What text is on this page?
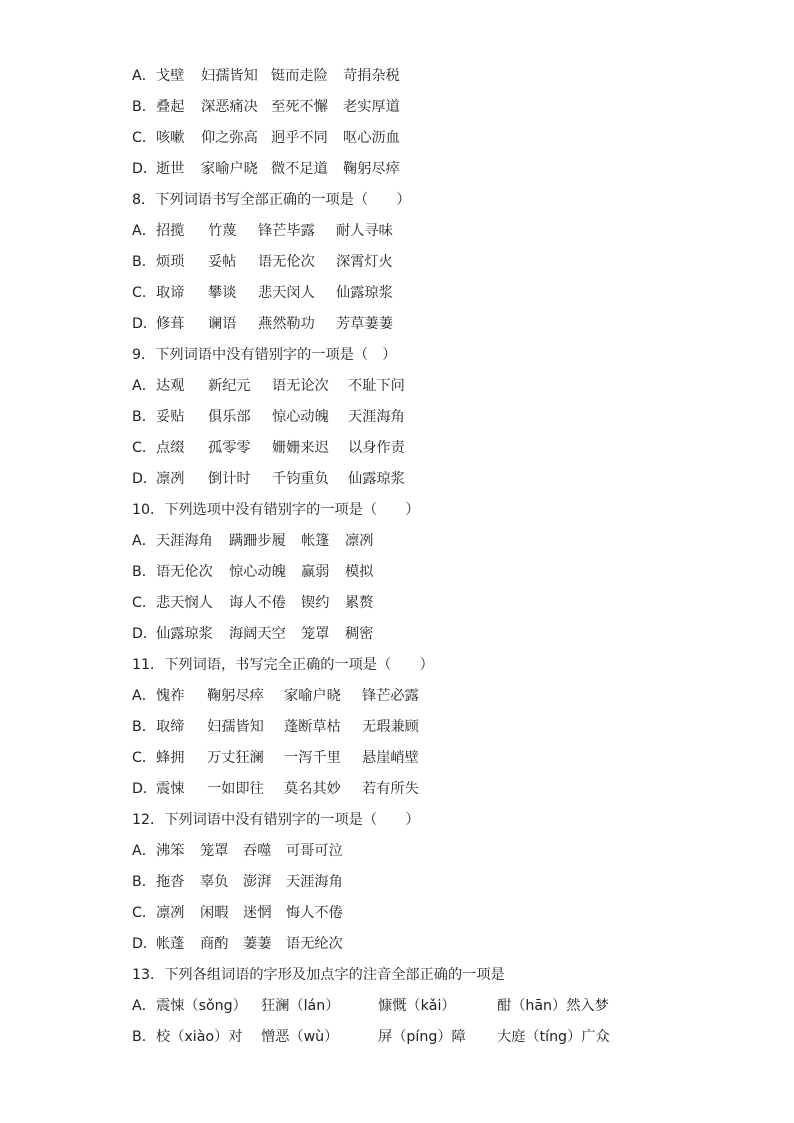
A．戈壁 妇孺皆知 铤而走险 苛捐杂税
B．叠起 深恶痛决 至死不懈 老实厚道
C．咳嗽 仰之弥高 迥乎不同 呕心沥血
D．逝世 家喻户晓 微不足道 鞠躬尽瘁
8．下列词语书写全部正确的一项是（　　）
A．招揽 竹蔑 锋芒毕露 耐人寻味
B．烦琐 妥帖 语无伦次 深霄灯火
C．取谛 攀谈 悲天闵人 仙露琼浆
D．修葺 谰语 燕然勒功 芳草萋萋
9．下列词语中没有错别字的一项是（　）
A．达观 新纪元 语无论次 不耻下问
B．妥贴 俱乐部 惊心动魄 天涯海角
C．点缀 孤零零 姗姗来迟 以身作责
D．凛冽 倒计时 千钧重负 仙露琼浆
10．下列选项中没有错别字的一项是（　　）
A．天涯海角 蹒跚步履 帐篷 凛冽
B．语无伦次 惊心动魄 赢弱 模拟
C．悲天悯人 诲人不倦 锲约 累赘
D．仙露琼浆 海阔天空 笼罩 稠密
11．下列词语，书写完全正确的一项是（　　）
A．愧祚 鞠躬尽瘁 家喻户晓 锋芒必露
B．取缔 妇孺皆知 蓬断草枯 无瑕兼顾
C．蜂拥 万丈狂澜 一泻千里 悬崖峭壁
D．震悚 一如即往 莫名其妙 若有所失
12．下列词语中没有错别字的一项是（　　）
A．沸笨 笼罩 吞噬 可哥可泣
B．拖沓 辜负 澎湃 天涯海角
C．凛冽 闲暇 迷惘 悔人不倦
D．帐蓬 商酌 萋萋 语无纶次
13．下列各组词语的字形及加点字的注音全部正确的一项是
A．震悚（sǒng） 狂澜（lán）	慷慨（kǎi）	酣（hān）然入梦
B．校（xiào）对 憎恶（wù）	屏（píng）障 大庭（tíng）广众
